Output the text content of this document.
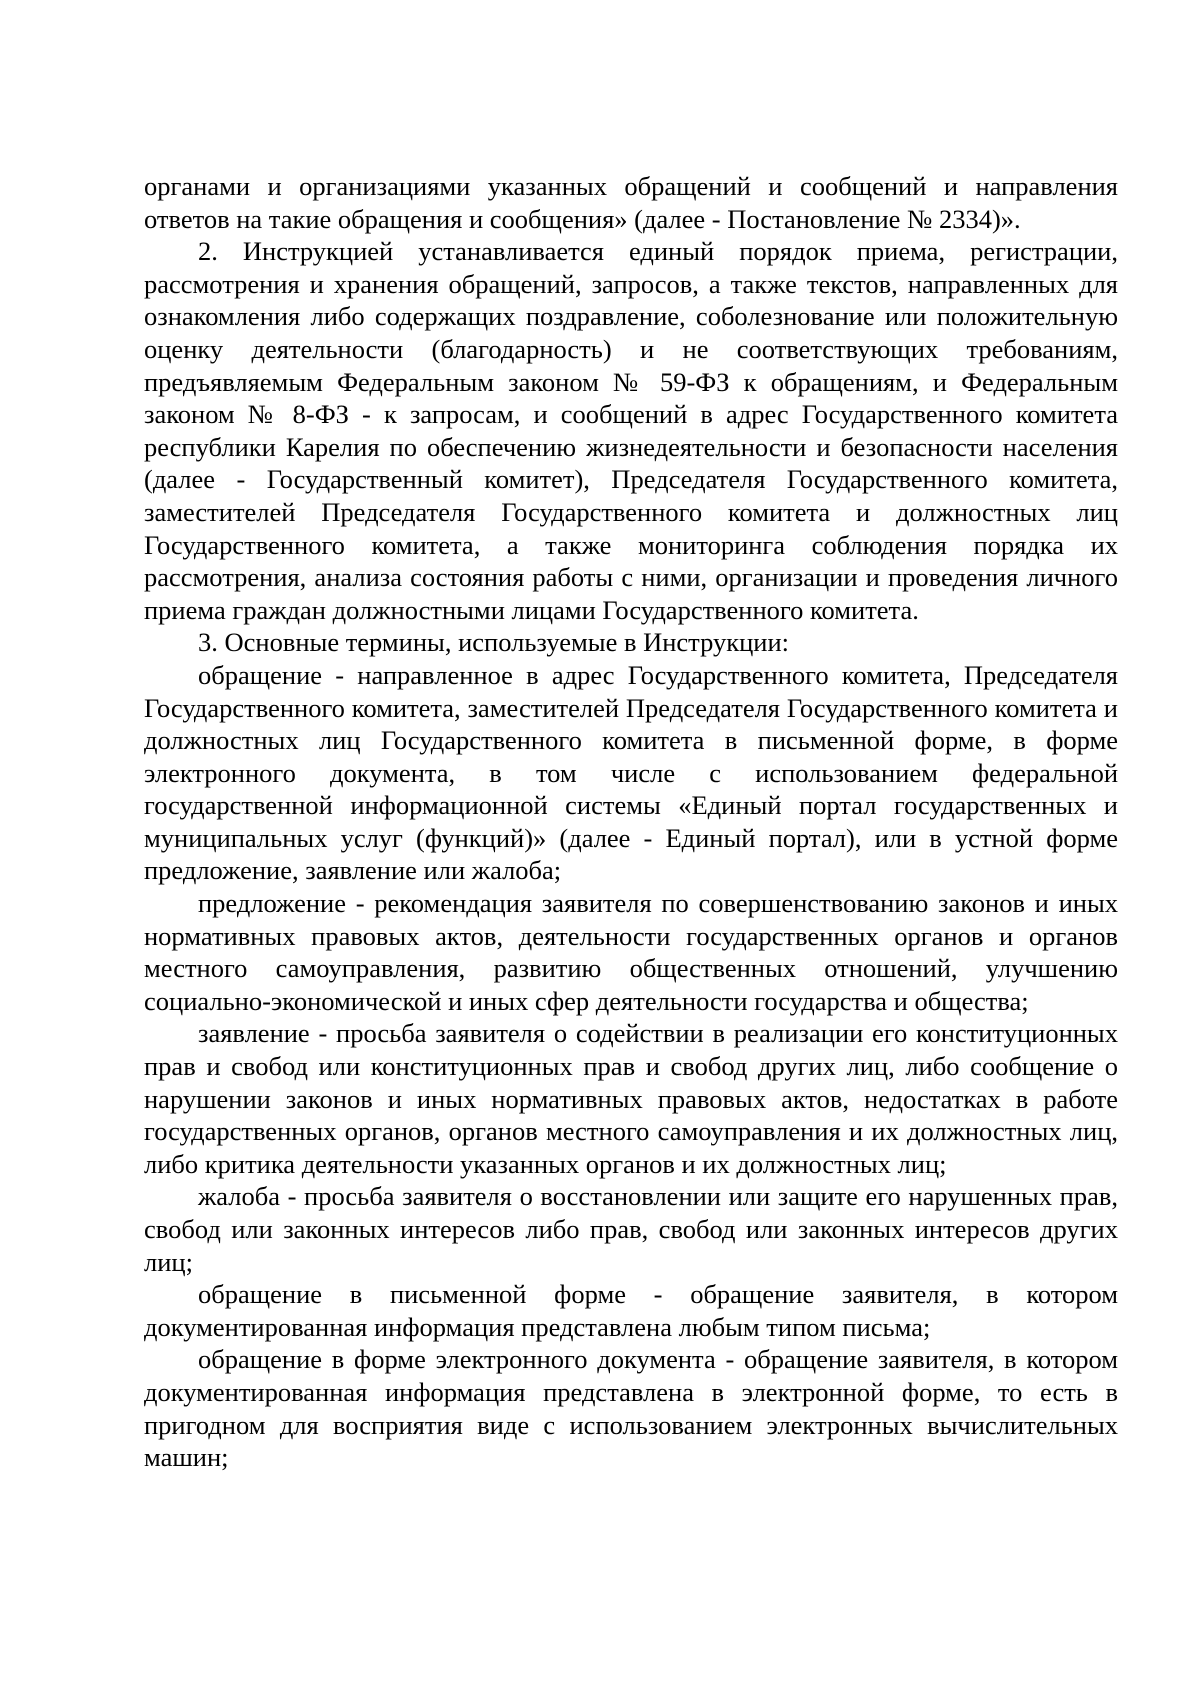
органами и организациями указанных обращений и сообщений и направления ответов на такие обращения и сообщения» (далее - Постановление № 2334)».

2. Инструкцией устанавливается единый порядок приема, регистрации, рассмотрения и хранения обращений, запросов, а также текстов, направленных для ознакомления либо содержащих поздравление, соболезнование или положительную оценку деятельности (благодарность) и не соответствующих требованиям, предъявляемым Федеральным законом № 59-ФЗ к обращениям, и Федеральным законом № 8-ФЗ - к запросам, и сообщений в адрес Государственного комитета республики Карелия по обеспечению жизнедеятельности и безопасности населения (далее - Государственный комитет), Председателя Государственного комитета, заместителей Председателя Государственного комитета и должностных лиц Государственного комитета, а также мониторинга соблюдения порядка их рассмотрения, анализа состояния работы с ними, организации и проведения личного приема граждан должностными лицами Государственного комитета.

3. Основные термины, используемые в Инструкции:

обращение - направленное в адрес Государственного комитета, Председателя Государственного комитета, заместителей Председателя Государственного комитета и должностных лиц Государственного комитета в письменной форме, в форме электронного документа, в том числе с использованием федеральной государственной информационной системы «Единый портал государственных и муниципальных услуг (функций)» (далее - Единый портал), или в устной форме предложение, заявление или жалоба;

предложение - рекомендация заявителя по совершенствованию законов и иных нормативных правовых актов, деятельности государственных органов и органов местного самоуправления, развитию общественных отношений, улучшению социально-экономической и иных сфер деятельности государства и общества;

заявление - просьба заявителя о содействии в реализации его конституционных прав и свобод или конституционных прав и свобод других лиц, либо сообщение о нарушении законов и иных нормативных правовых актов, недостатках в работе государственных органов, органов местного самоуправления и их должностных лиц, либо критика деятельности указанных органов и их должностных лиц;

жалоба - просьба заявителя о восстановлении или защите его нарушенных прав, свобод или законных интересов либо прав, свобод или законных интересов других лиц;

обращение в письменной форме - обращение заявителя, в котором документированная информация представлена любым типом письма;

обращение в форме электронного документа - обращение заявителя, в котором документированная информация представлена в электронной форме, то есть в пригодном для восприятия виде с использованием электронных вычислительных машин;
